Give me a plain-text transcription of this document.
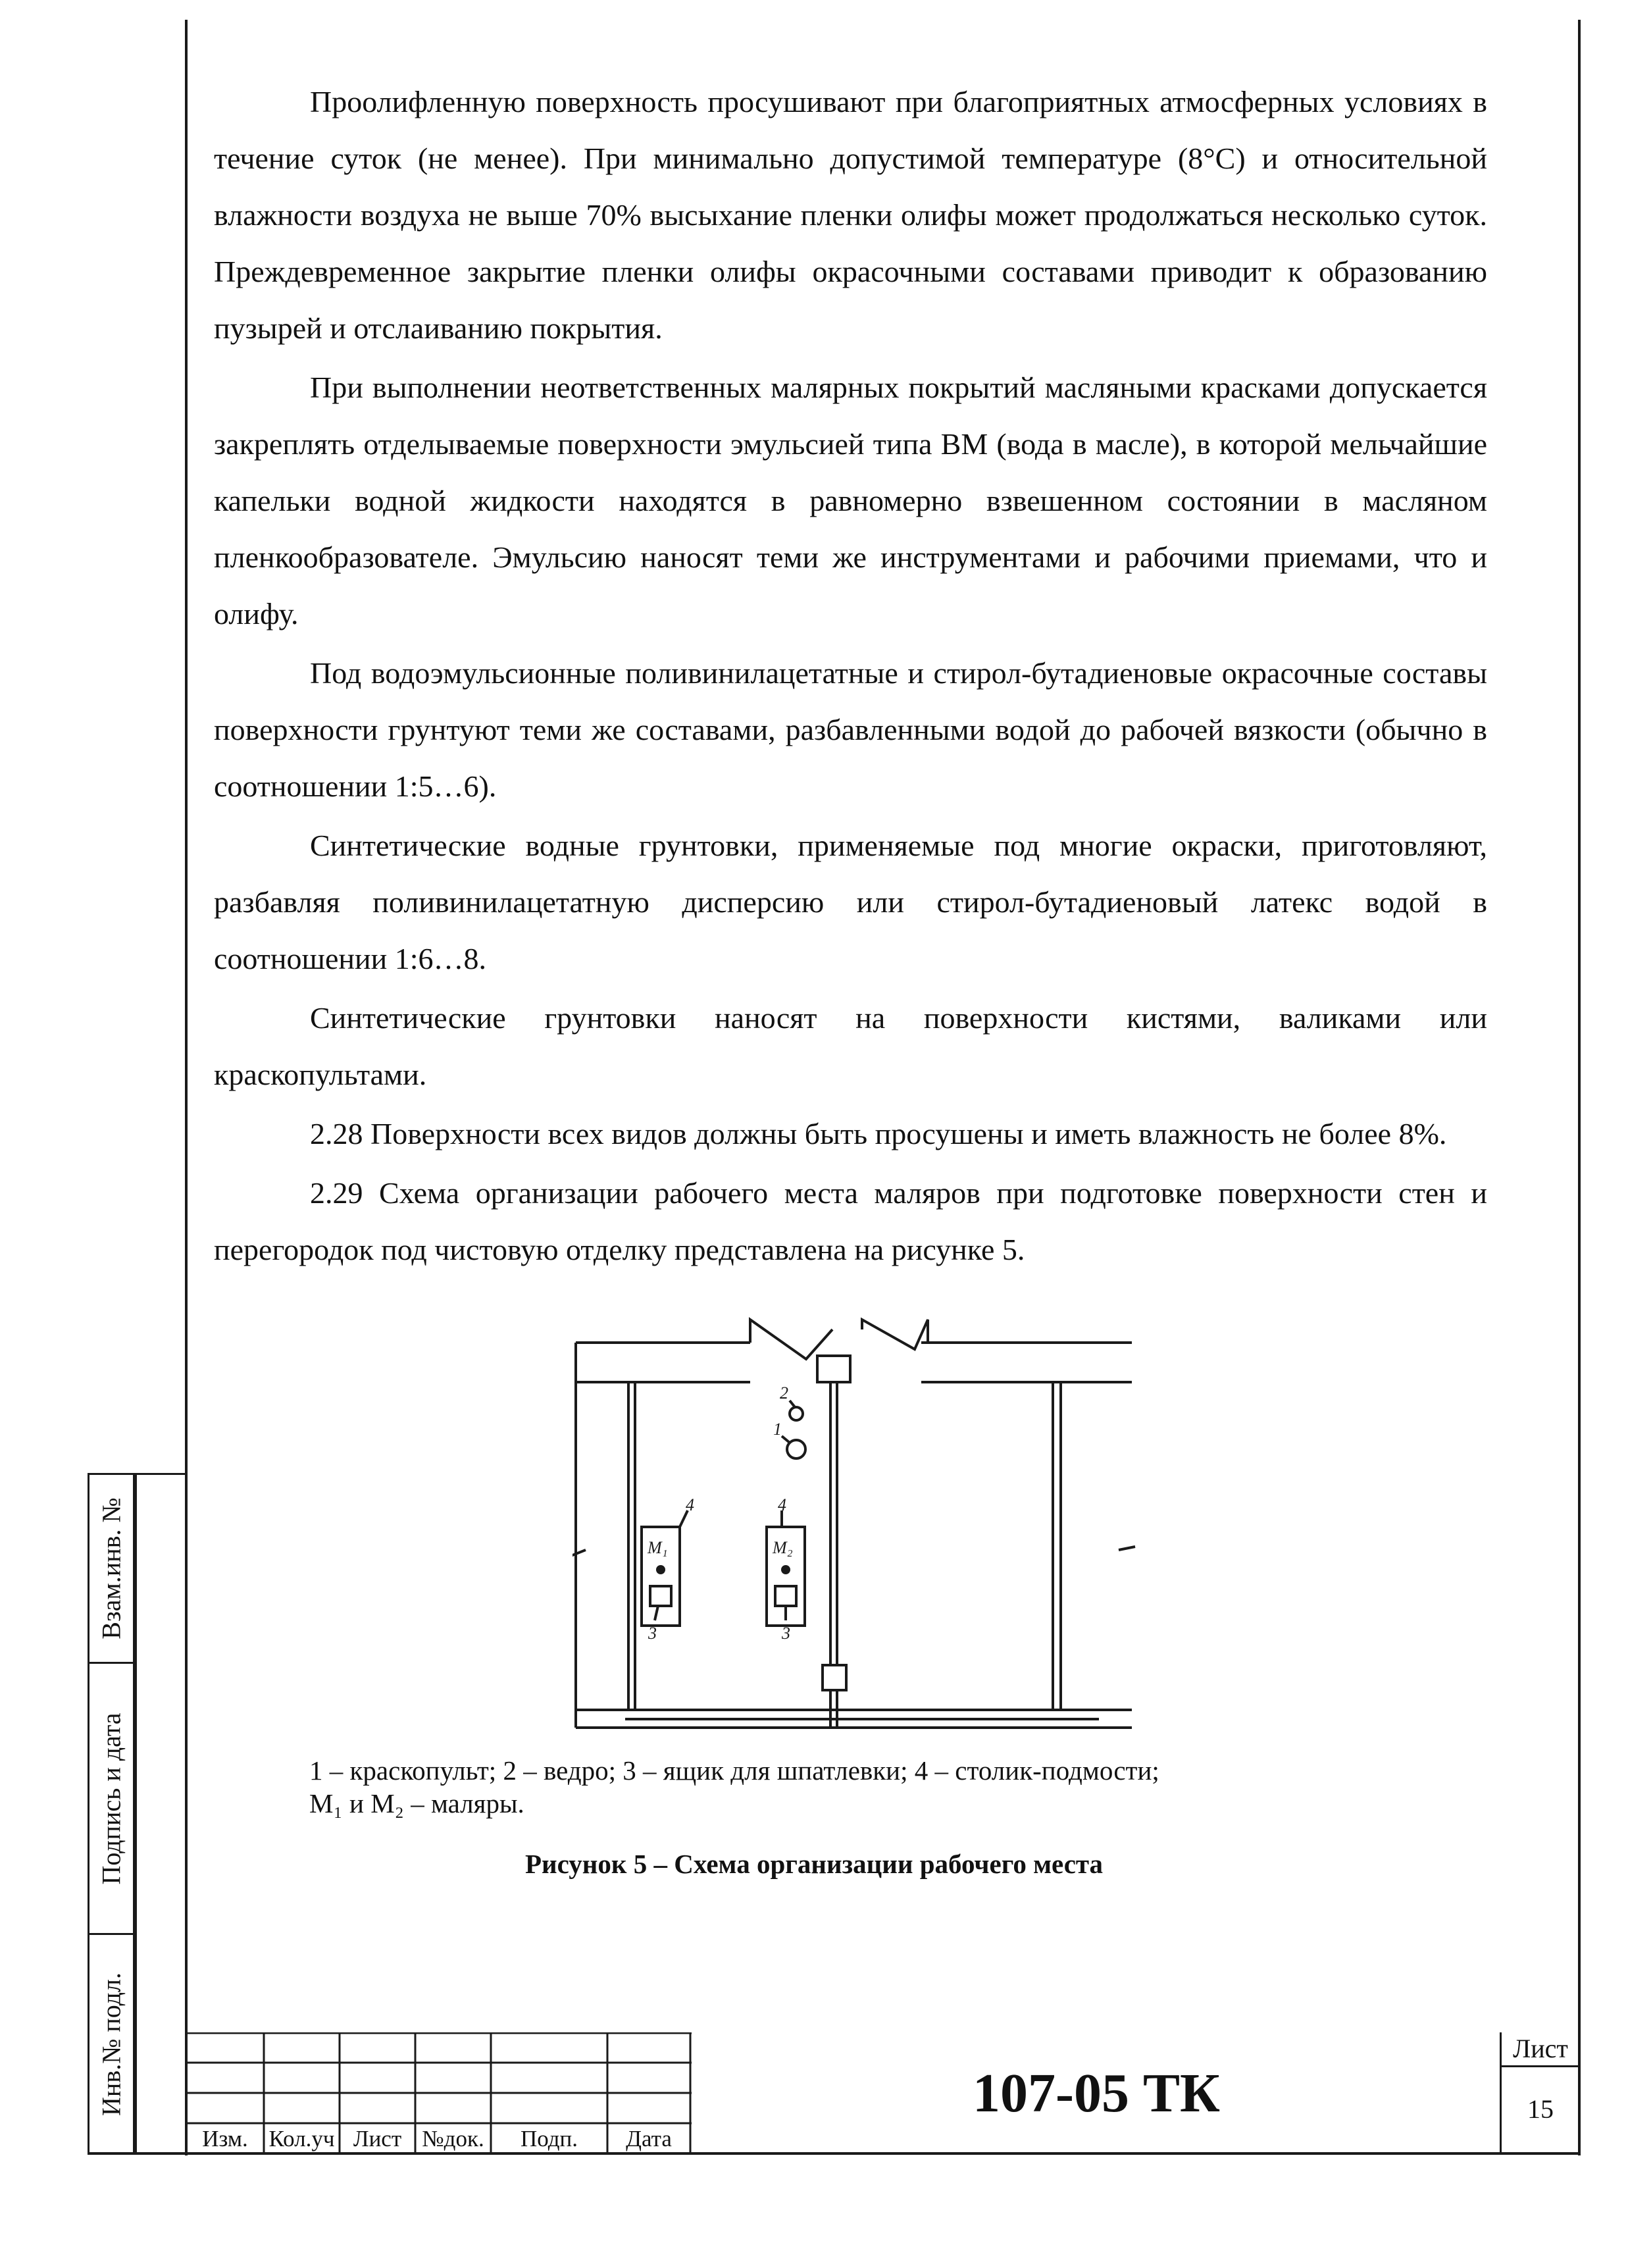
Проолифленную поверхность просушивают при благоприятных атмосферных условиях в течение суток (не менее). При минимально допустимой температуре (8°С) и относительной влажности воздуха не выше 70% высыхание пленки олифы может продолжаться несколько суток. Преждевременное закрытие пленки олифы окрасочными составами приводит к образованию пузырей и отслаиванию покрытия.

При выполнении неответственных малярных покрытий масляными красками допускается закреплять отделываемые поверхности эмульсией типа ВМ (вода в масле), в которой мельчайшие капельки водной жидкости находятся в равномерно взвешенном состоянии в масляном пленкообразователе. Эмульсию наносят теми же инструментами и рабочими приемами, что и олифу.

Под водоэмульсионные поливинилацетатные и стирол-бутадиеновые окрасочные составы поверхности грунтуют теми же составами, разбавленными водой до рабочей вязкости (обычно в соотношении 1:5…6).

Синтетические водные грунтовки, применяемые под многие окраски, приготовляют, разбавляя поливинилацетатную дисперсию или стирол-бутадиеновый латекс водой в соотношении 1:6…8.

Синтетические грунтовки наносят на поверхности кистями, валиками или краскопультами.

2.28 Поверхности всех видов должны быть просушены и иметь влажность не более 8%.

2.29 Схема организации рабочего места маляров при подготовке поверхности стен и перегородок под чистовую отделку представлена на рисунке 5.

2
1
4	4
3	3
М₁	М₂
1 – краскопульт; 2 – ведро; 3 – ящик для шпатлевки; 4 – столик-подмости;
М₁ и М₂ – маляры.
Рисунок 5 – Схема организации рабочего места
Взам.инв. №
Подпись и дата
Инв.№ подл.
Изм. Кол.уч Лист №док.	Подп.	Дата
107-05 ТК
Лист
15
